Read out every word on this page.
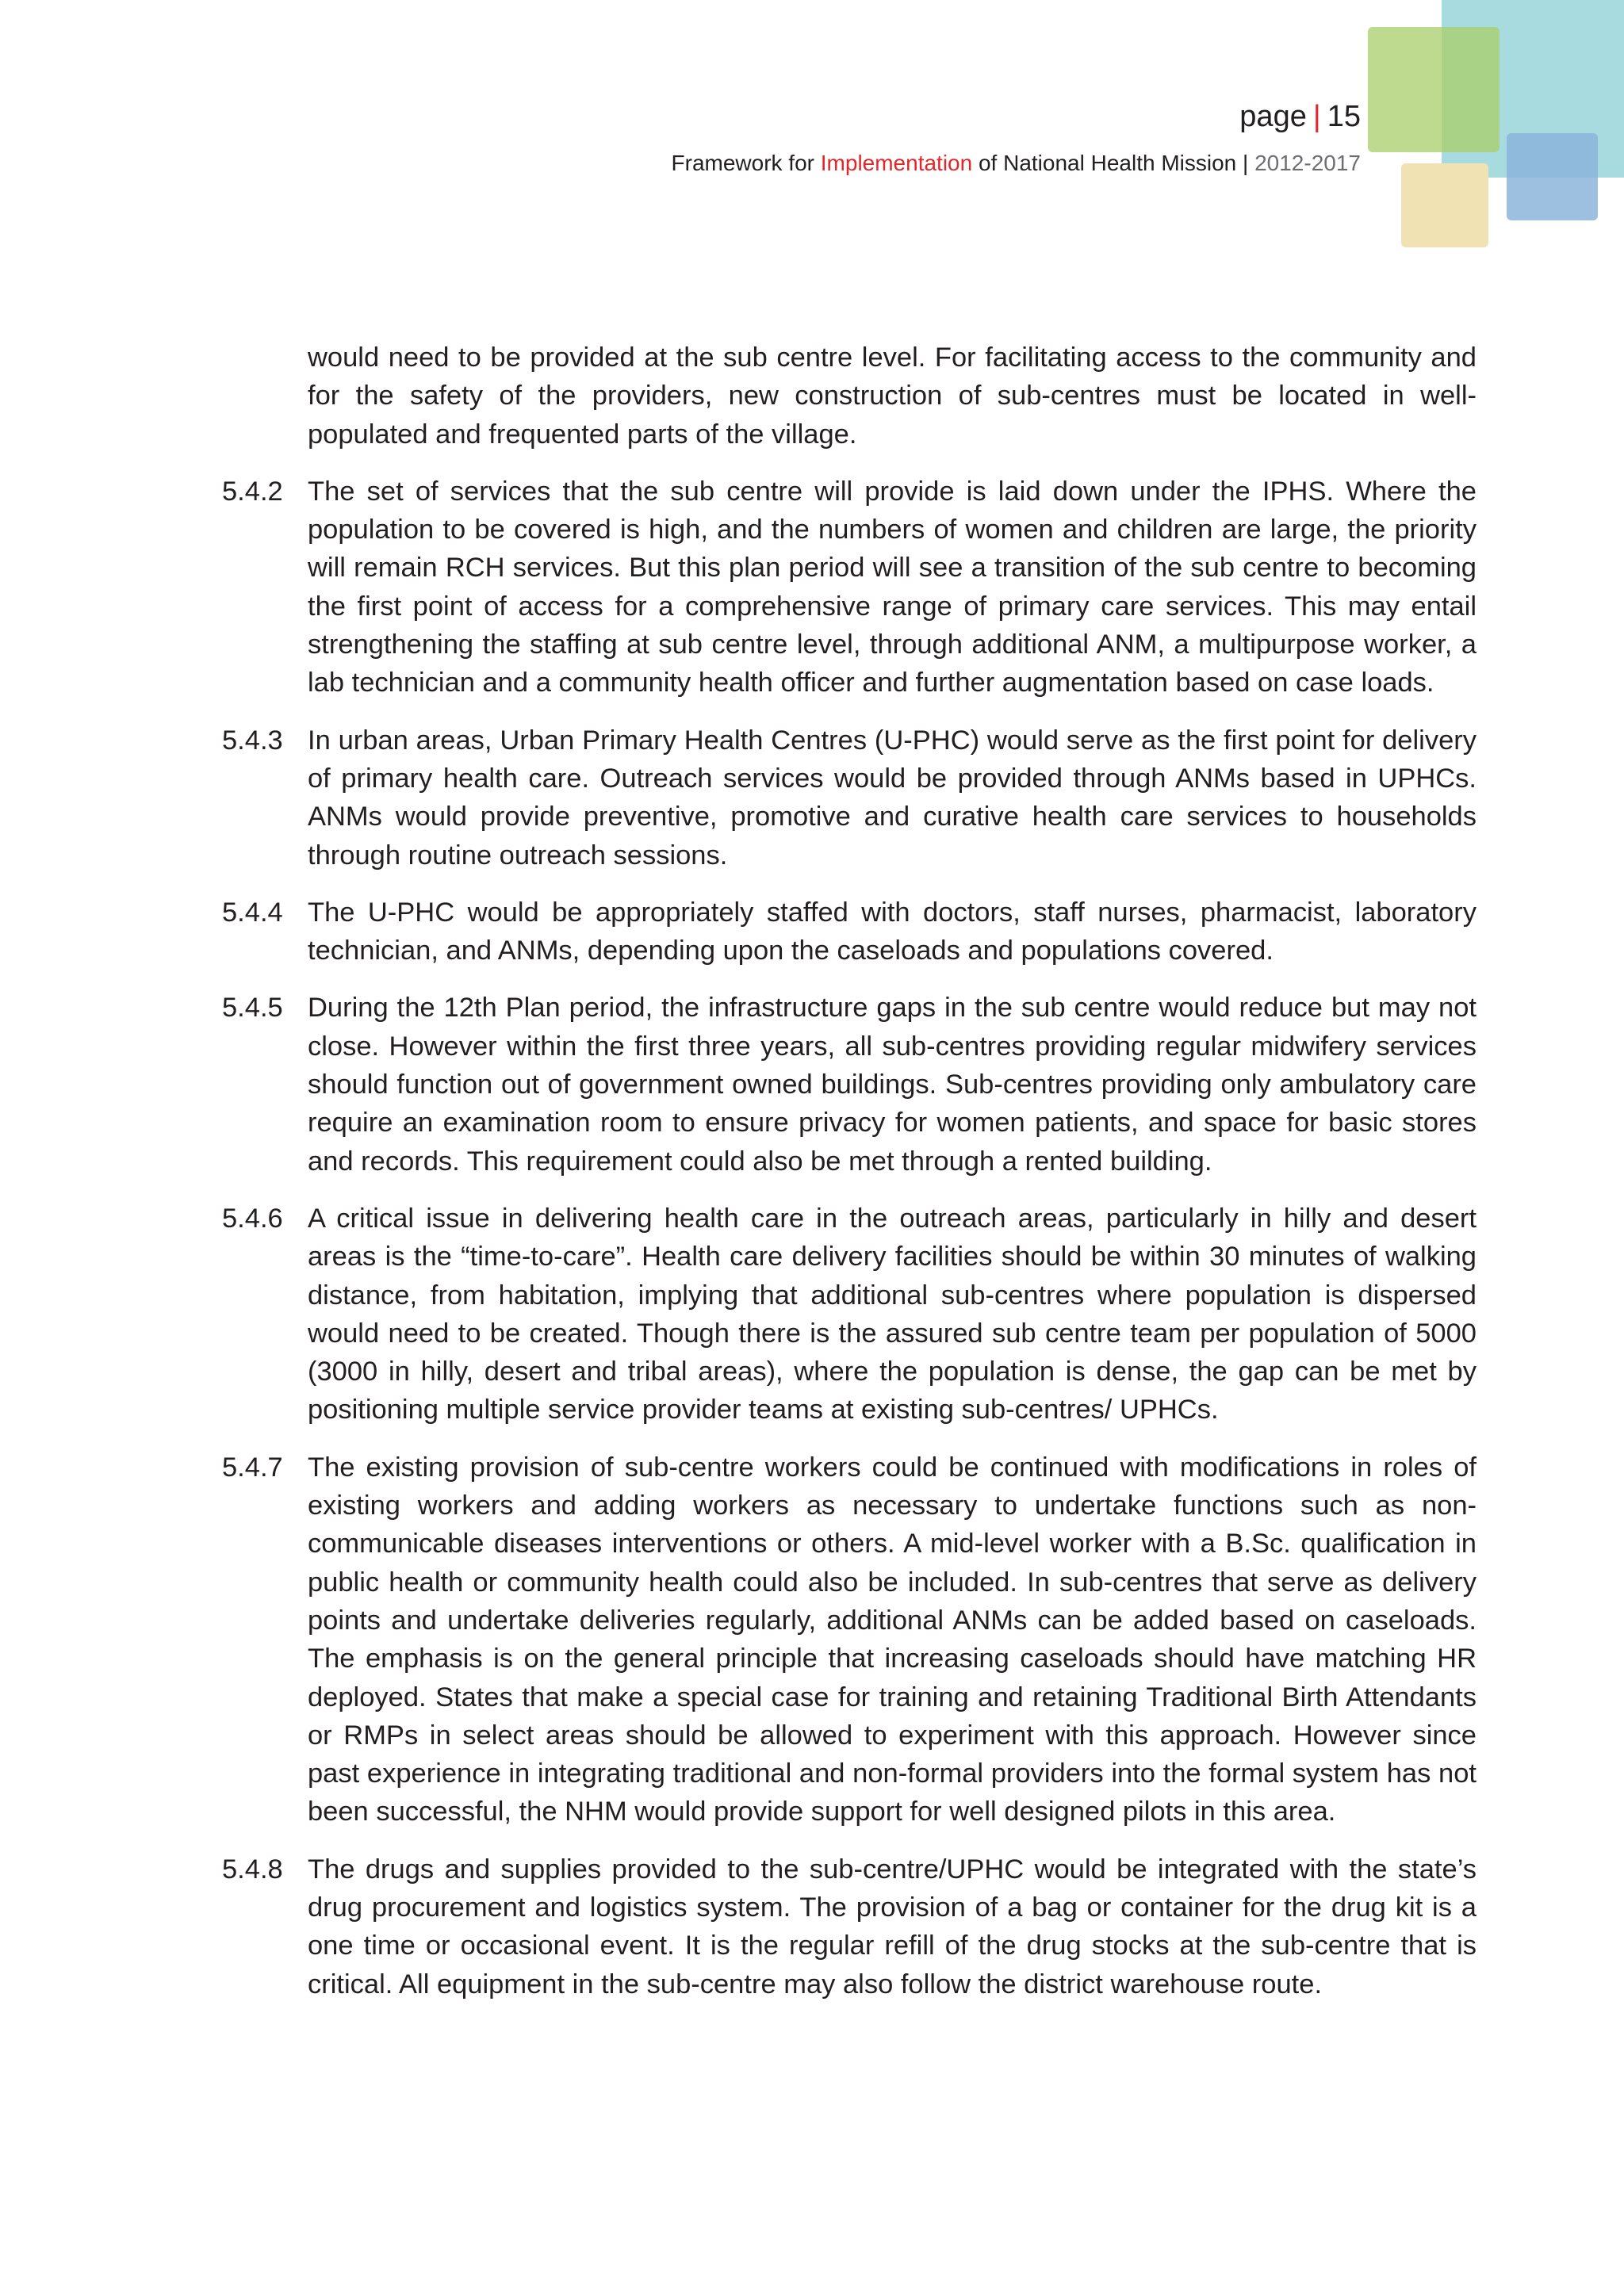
page | 15
Framework for Implementation of National Health Mission | 2012-2017

would need to be provided at the sub centre level. For facilitating access to the community and for the safety of the providers, new construction of sub-centres must be located in well-populated and frequented parts of the village.

5.4.2 The set of services that the sub centre will provide is laid down under the IPHS. Where the population to be covered is high, and the numbers of women and children are large, the priority will remain RCH services. But this plan period will see a transition of the sub centre to becoming the first point of access for a comprehensive range of primary care services. This may entail strengthening the staffing at sub centre level, through additional ANM, a multipurpose worker, a lab technician and a community health officer and further augmentation based on case loads.

5.4.3 In urban areas, Urban Primary Health Centres (U-PHC) would serve as the first point for delivery of primary health care. Outreach services would be provided through ANMs based in UPHCs. ANMs would provide preventive, promotive and curative health care services to households through routine outreach sessions.

5.4.4 The U-PHC would be appropriately staffed with doctors, staff nurses, pharmacist, laboratory technician, and ANMs, depending upon the caseloads and populations covered.

5.4.5 During the 12th Plan period, the infrastructure gaps in the sub centre would reduce but may not close. However within the first three years, all sub-centres providing regular midwifery services should function out of government owned buildings. Sub-centres providing only ambulatory care require an examination room to ensure privacy for women patients, and space for basic stores and records. This requirement could also be met through a rented building.

5.4.6 A critical issue in delivering health care in the outreach areas, particularly in hilly and desert areas is the “time-to-care”. Health care delivery facilities should be within 30 minutes of walking distance, from habitation, implying that additional sub-centres where population is dispersed would need to be created. Though there is the assured sub centre team per population of 5000 (3000 in hilly, desert and tribal areas), where the population is dense, the gap can be met by positioning multiple service provider teams at existing sub-centres/ UPHCs.

5.4.7 The existing provision of sub-centre workers could be continued with modifications in roles of existing workers and adding workers as necessary to undertake functions such as non-communicable diseases interventions or others. A mid-level worker with a B.Sc. qualification in public health or community health could also be included. In sub-centres that serve as delivery points and undertake deliveries regularly, additional ANMs can be added based on caseloads. The emphasis is on the general principle that increasing caseloads should have matching HR deployed. States that make a special case for training and retaining Traditional Birth Attendants or RMPs in select areas should be allowed to experiment with this approach. However since past experience in integrating traditional and non-formal providers into the formal system has not been successful, the NHM would provide support for well designed pilots in this area.

5.4.8 The drugs and supplies provided to the sub-centre/UPHC would be integrated with the state’s drug procurement and logistics system. The provision of a bag or container for the drug kit is a one time or occasional event. It is the regular refill of the drug stocks at the sub-centre that is critical. All equipment in the sub-centre may also follow the district warehouse route.
